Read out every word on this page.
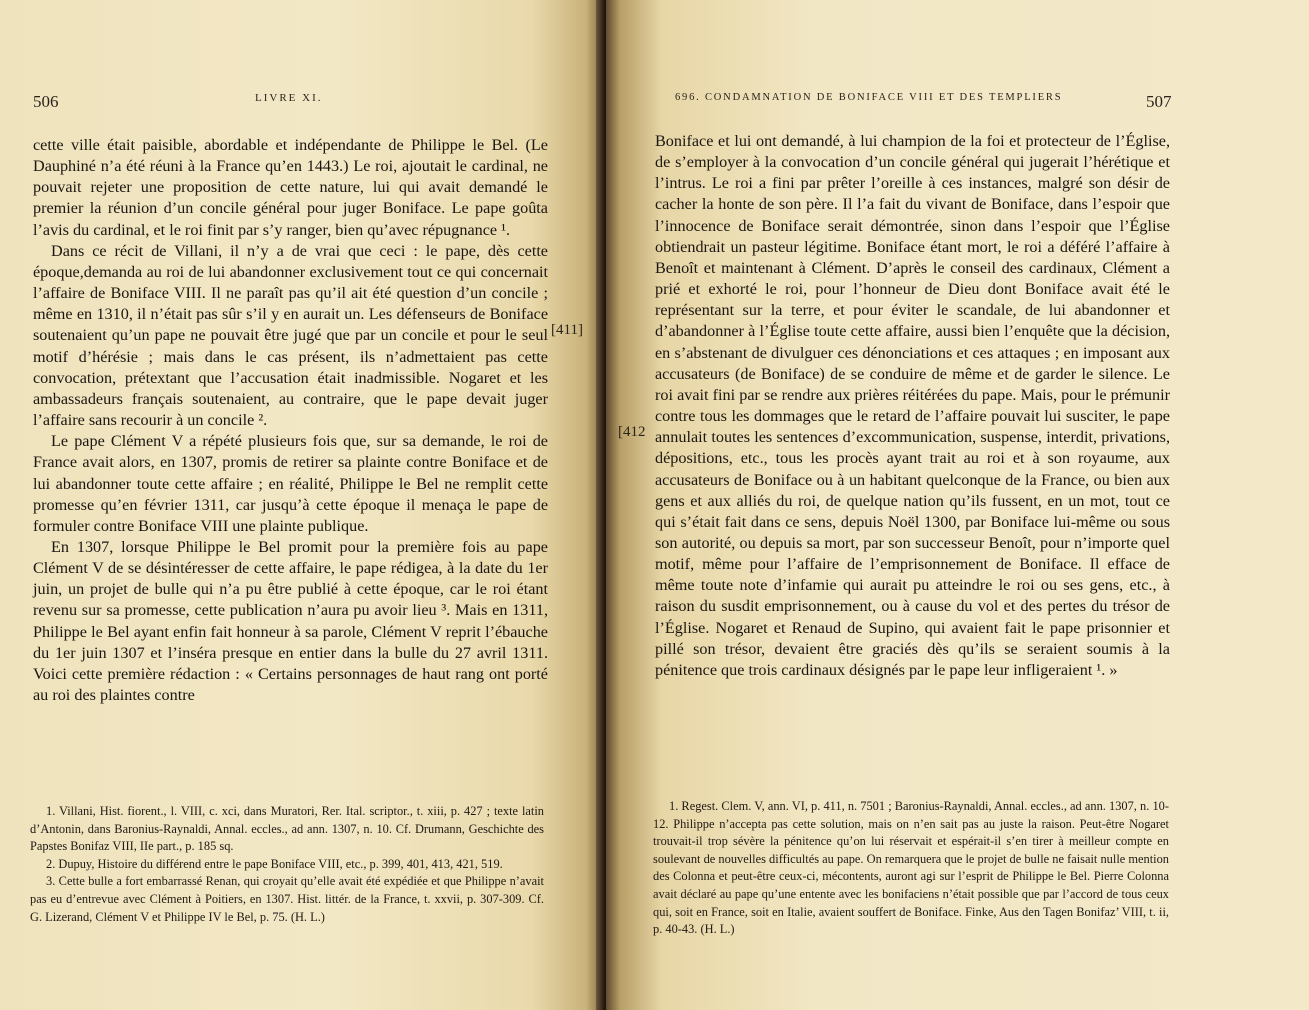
506	LIVRE XI.

cette ville était paisible, abordable et indépendante de Philippe le Bel. (Le Dauphiné n’a été réuni à la France qu’en 1443.) Le roi, ajoutait le cardinal, ne pouvait rejeter une proposition de cette nature, lui qui avait demandé le premier la réunion d’un concile général pour juger Boniface. Le pape goûta l’avis du cardinal, et le roi finit par s’y ranger, bien qu’avec répugnance ¹.

Dans ce récit de Villani, il n’y a de vrai que ceci : le pape, dès cette époque,demanda au roi de lui abandonner exclusivement tout ce qui concernait l’affaire de Boniface VIII. Il ne paraît pas qu’il ait été question d’un concile ; même en 1310, il n’était pas sûr s’il y en aurait un. Les défenseurs de Boniface soutenaient qu’un pape ne pouvait être jugé que par un concile et pour le seul motif d’hérésie ; mais dans le cas présent, ils n’admettaient pas cette convocation, prétextant que l’accusation était inadmissible. Nogaret et les ambassadeurs français soutenaient, au contraire, que le pape devait juger l’affaire sans recourir à un concile ².

Le pape Clément V a répété plusieurs fois que, sur sa demande, le roi de France avait alors, en 1307, promis de retirer sa plainte contre Boniface et de lui abandonner toute cette affaire ; en réalité, Philippe le Bel ne remplit cette promesse qu’en février 1311, car jusqu’à cette époque il menaça le pape de formuler contre Boniface VIII une plainte publique.

En 1307, lorsque Philippe le Bel promit pour la première fois au pape Clément V de se désintéresser de cette affaire, le pape rédigea, à la date du 1er juin, un projet de bulle qui n’a pu être publié à cette époque, car le roi étant revenu sur sa promesse, cette publication n’aura pu avoir lieu ³. Mais en 1311, Philippe le Bel ayant enfin fait honneur à sa parole, Clément V reprit l’ébauche du 1er juin 1307 et l’inséra presque en entier dans la bulle du 27 avril 1311. Voici cette première rédaction : « Certains personnages de haut rang ont porté au roi des plaintes contre

1. Villani, Hist. fiorent., l. VIII, c. xci, dans Muratori, Rer. Ital. scriptor., t. xiii, p. 427 ; texte latin d’Antonin, dans Baronius-Raynaldi, Annal. eccles., ad ann. 1307, n. 10. Cf. Drumann, Geschichte des Papstes Bonifaz VIII, IIe part., p. 185 sq.

2. Dupuy, Histoire du différend entre le pape Boniface VIII, etc., p. 399, 401, 413, 421, 519.

3. Cette bulle a fort embarrassé Renan, qui croyait qu’elle avait été expédiée et que Philippe n’avait pas eu d’entrevue avec Clément à Poitiers, en 1307. Hist. littér. de la France, t. xxvii, p. 307-309. Cf. G. Lizerand, Clément V et Philippe IV le Bel, p. 75. (H. L.)

[411]
696. CONDAMNATION DE BONIFACE VIII ET DES TEMPLIERS	507

Boniface et lui ont demandé, à lui champion de la foi et protecteur de l’Église, de s’employer à la convocation d’un concile général qui jugerait l’hérétique et l’intrus. Le roi a fini par prêter l’oreille à ces instances, malgré son désir de cacher la honte de son père. Il l’a fait du vivant de Boniface, dans l’espoir que l’innocence de Boniface serait démontrée, sinon dans l’espoir que l’Église obtiendrait un pasteur légitime. Boniface étant mort, le roi a déféré l’affaire à Benoît et maintenant à Clément. D’après le conseil des cardinaux, Clément a prié et exhorté le roi, pour l’honneur de Dieu dont Boniface avait été le représentant sur la terre, et pour éviter le scandale, de lui abandonner et d’abandonner à l’Église toute cette affaire, aussi bien l’enquête que la décision, en s’abstenant de divulguer ces dénonciations et ces attaques ; en imposant aux accusateurs (de Boniface) de se conduire de même et de garder le silence. Le roi avait fini par se rendre aux prières réitérées du pape. Mais, pour le prémunir contre tous les dommages que le retard de l’affaire pouvait lui susciter, le pape annulait toutes les sentences d’excommunication, suspense, interdit, privations, dépositions, etc., tous les procès ayant trait au roi et à son royaume, aux accusateurs de Boniface ou à un habitant quelconque de la France, ou bien aux gens et aux alliés du roi, de quelque nation qu’ils fussent, en un mot, tout ce qui s’était fait dans ce sens, depuis Noël 1300, par Boniface lui-même ou sous son autorité, ou depuis sa mort, par son successeur Benoît, pour n’importe quel motif, même pour l’affaire de l’emprisonnement de Boniface. Il efface de même toute note d’infamie qui aurait pu atteindre le roi ou ses gens, etc., à raison du susdit emprisonnement, ou à cause du vol et des pertes du trésor de l’Église. Nogaret et Renaud de Supino, qui avaient fait le pape prisonnier et pillé son trésor, devaient être graciés dès qu’ils se seraient soumis à la pénitence que trois cardinaux désignés par le pape leur infligeraient ¹. »

1. Regest. Clem. V, ann. VI, p. 411, n. 7501 ; Baronius-Raynaldi, Annal. eccles., ad ann. 1307, n. 10-12. Philippe n’accepta pas cette solution, mais on n’en sait pas au juste la raison. Peut-être Nogaret trouvait-il trop sévère la pénitence qu’on lui réservait et espérait-il s’en tirer à meilleur compte en soulevant de nouvelles difficultés au pape. On remarquera que le projet de bulle ne faisait nulle mention des Colonna et peut-être ceux-ci, mécontents, auront agi sur l’esprit de Philippe le Bel. Pierre Colonna avait déclaré au pape qu’une entente avec les bonifaciens n’était possible que par l’accord de tous ceux qui, soit en France, soit en Italie, avaient souffert de Boniface. Finke, Aus den Tagen Bonifaz’ VIII, t. ii, p. 40-43. (H. L.)

[412
